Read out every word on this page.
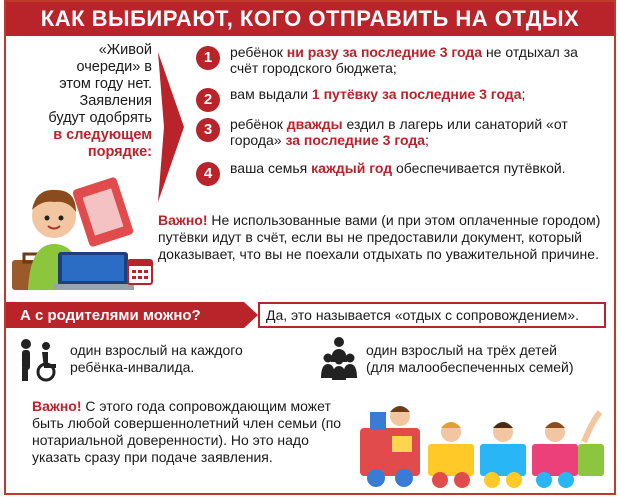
КАК ВЫБИРАЮТ, КОГО ОТПРАВИТЬ НА ОТДЫХ
«Живой
очереди» в
этом году нет.
Заявления
будут одобрять
в следующем
порядке:
1	ребёнок ни разу за последние 3 года не отдыхал за счёт городского бюджета;
2	вам выдали 1 путёвку за последние 3 года;
3	ребёнок дважды ездил в лагерь или санаторий «от города» за последние 3 года;
4	ваша семья каждый год обеспечивается путёвкой.
Важно! Не использованные вами (и при этом оплаченные городом) путёвки идут в счёт, если вы не предоставили документ, который доказывает, что вы не поехали отдыхать по уважительной причине.
А с родителями можно?	Да, это называется «отдых с сопровождением».
один взрослый на каждого
ребёнка-инвалида.
один взрослый на трёх детей
(для малообеспеченных семей)
Важно! С этого года сопровождающим может быть любой совершеннолетний член семьи (по нотариальной доверенности). Но это надо указать сразу при подаче заявления.
